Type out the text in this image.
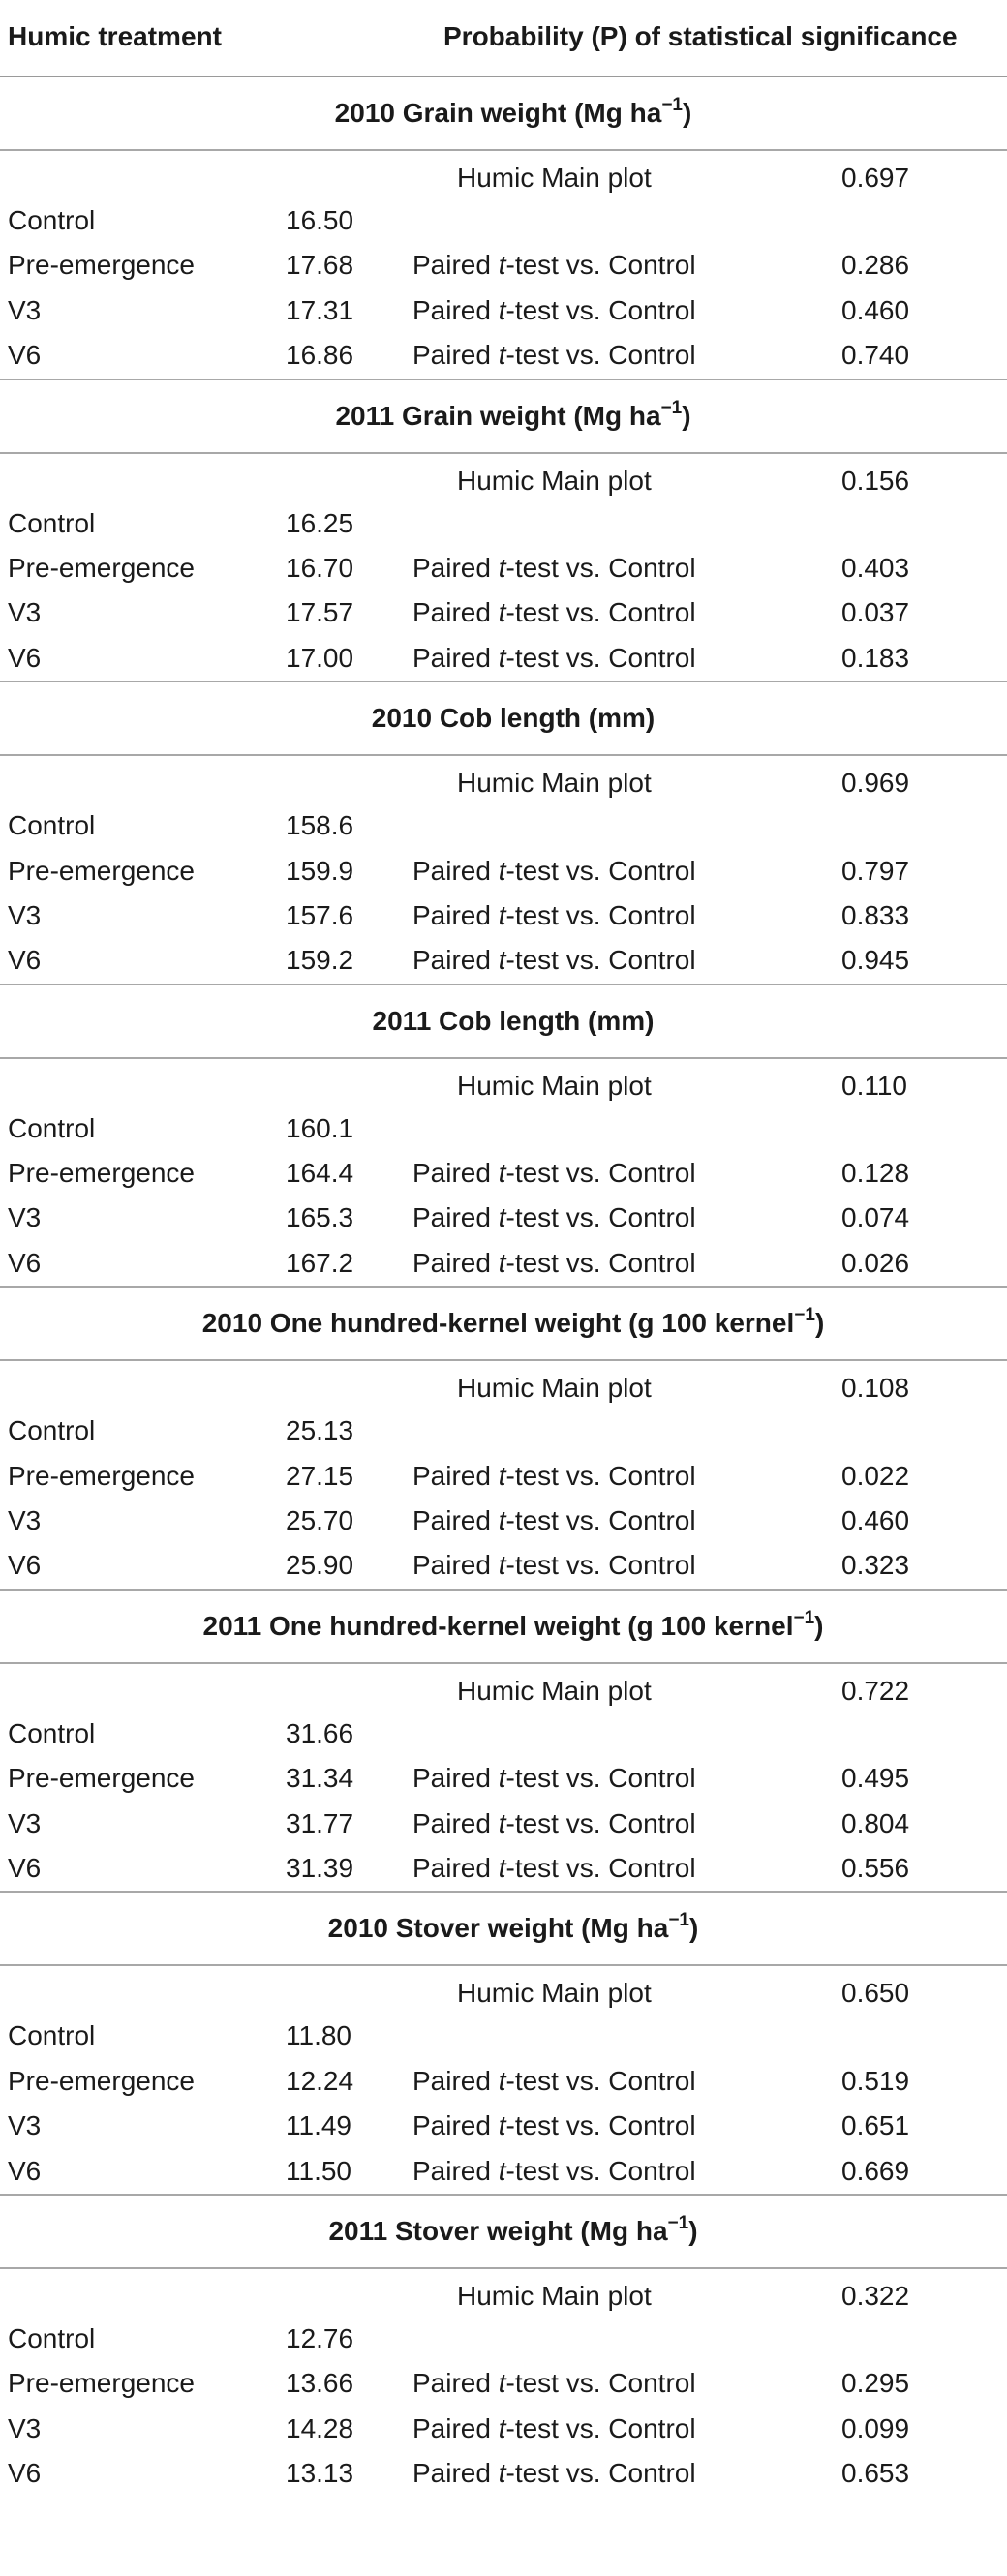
Humic treatment	Probability (P) of statistical significance
2010 Grain weight (Mg $ha^{-1}$)
Humic Main plot	0.697
Control	16.50
Pre-emergence	17.68 Paired t-test vs. Control	0.286
V3	17.31 Paired t-test vs. Control	0.460
V6	16.86 Paired t-test vs. Control	0.740
2011 Grain weight (Mg $ha^{-1}$)
Humic Main plot	0.156
Control	16.25
Pre-emergence	16.70 Paired t-test vs. Control	0.403
V3	17.57 Paired t-test vs. Control	0.037
V6	17.00 Paired t-test vs. Control	0.183
2010 Cob length (mm)
Humic Main plot	0.969
Control	158.6
Pre-emergence	159.9 Paired t-test vs. Control	0.797
V3	157.6 Paired t-test vs. Control	0.833
V6	159.2 Paired t-test vs. Control	0.945
2011 Cob length (mm)
Humic Main plot	0.110
Control	160.1
Pre-emergence	164.4 Paired t-test vs. Control	0.128
V3	165.3 Paired t-test vs. Control	0.074
V6	167.2 Paired t-test vs. Control	0.026
2010 One hundred-kernel weight (g 100 kernel$^{-1}$)
Humic Main plot	0.108
Control	25.13
Pre-emergence	27.15 Paired t-test vs. Control	0.022
V3	25.70 Paired t-test vs. Control	0.460
V6	25.90 Paired t-test vs. Control	0.323
2011 One hundred-kernel weight (g 100 kernel$^{-1}$)
Humic Main plot	0.722
Control	31.66
Pre-emergence	31.34 Paired t-test vs. Control	0.495
V3	31.77 Paired t-test vs. Control	0.804
V6	31.39 Paired t-test vs. Control	0.556
2010 Stover weight (Mg $ha^{-1}$)
Humic Main plot	0.650
Control	11.80
Pre-emergence	12.24 Paired t-test vs. Control	0.519
V3	11.49 Paired t-test vs. Control	0.651
V6	11.50 Paired t-test vs. Control	0.669
2011 Stover weight (Mg $ha^{-1}$)
Humic Main plot	0.322
Control	12.76
Pre-emergence	13.66 Paired t-test vs. Control	0.295
V3	14.28 Paired t-test vs. Control	0.099
V6	13.13 Paired t-test vs. Control	0.653
